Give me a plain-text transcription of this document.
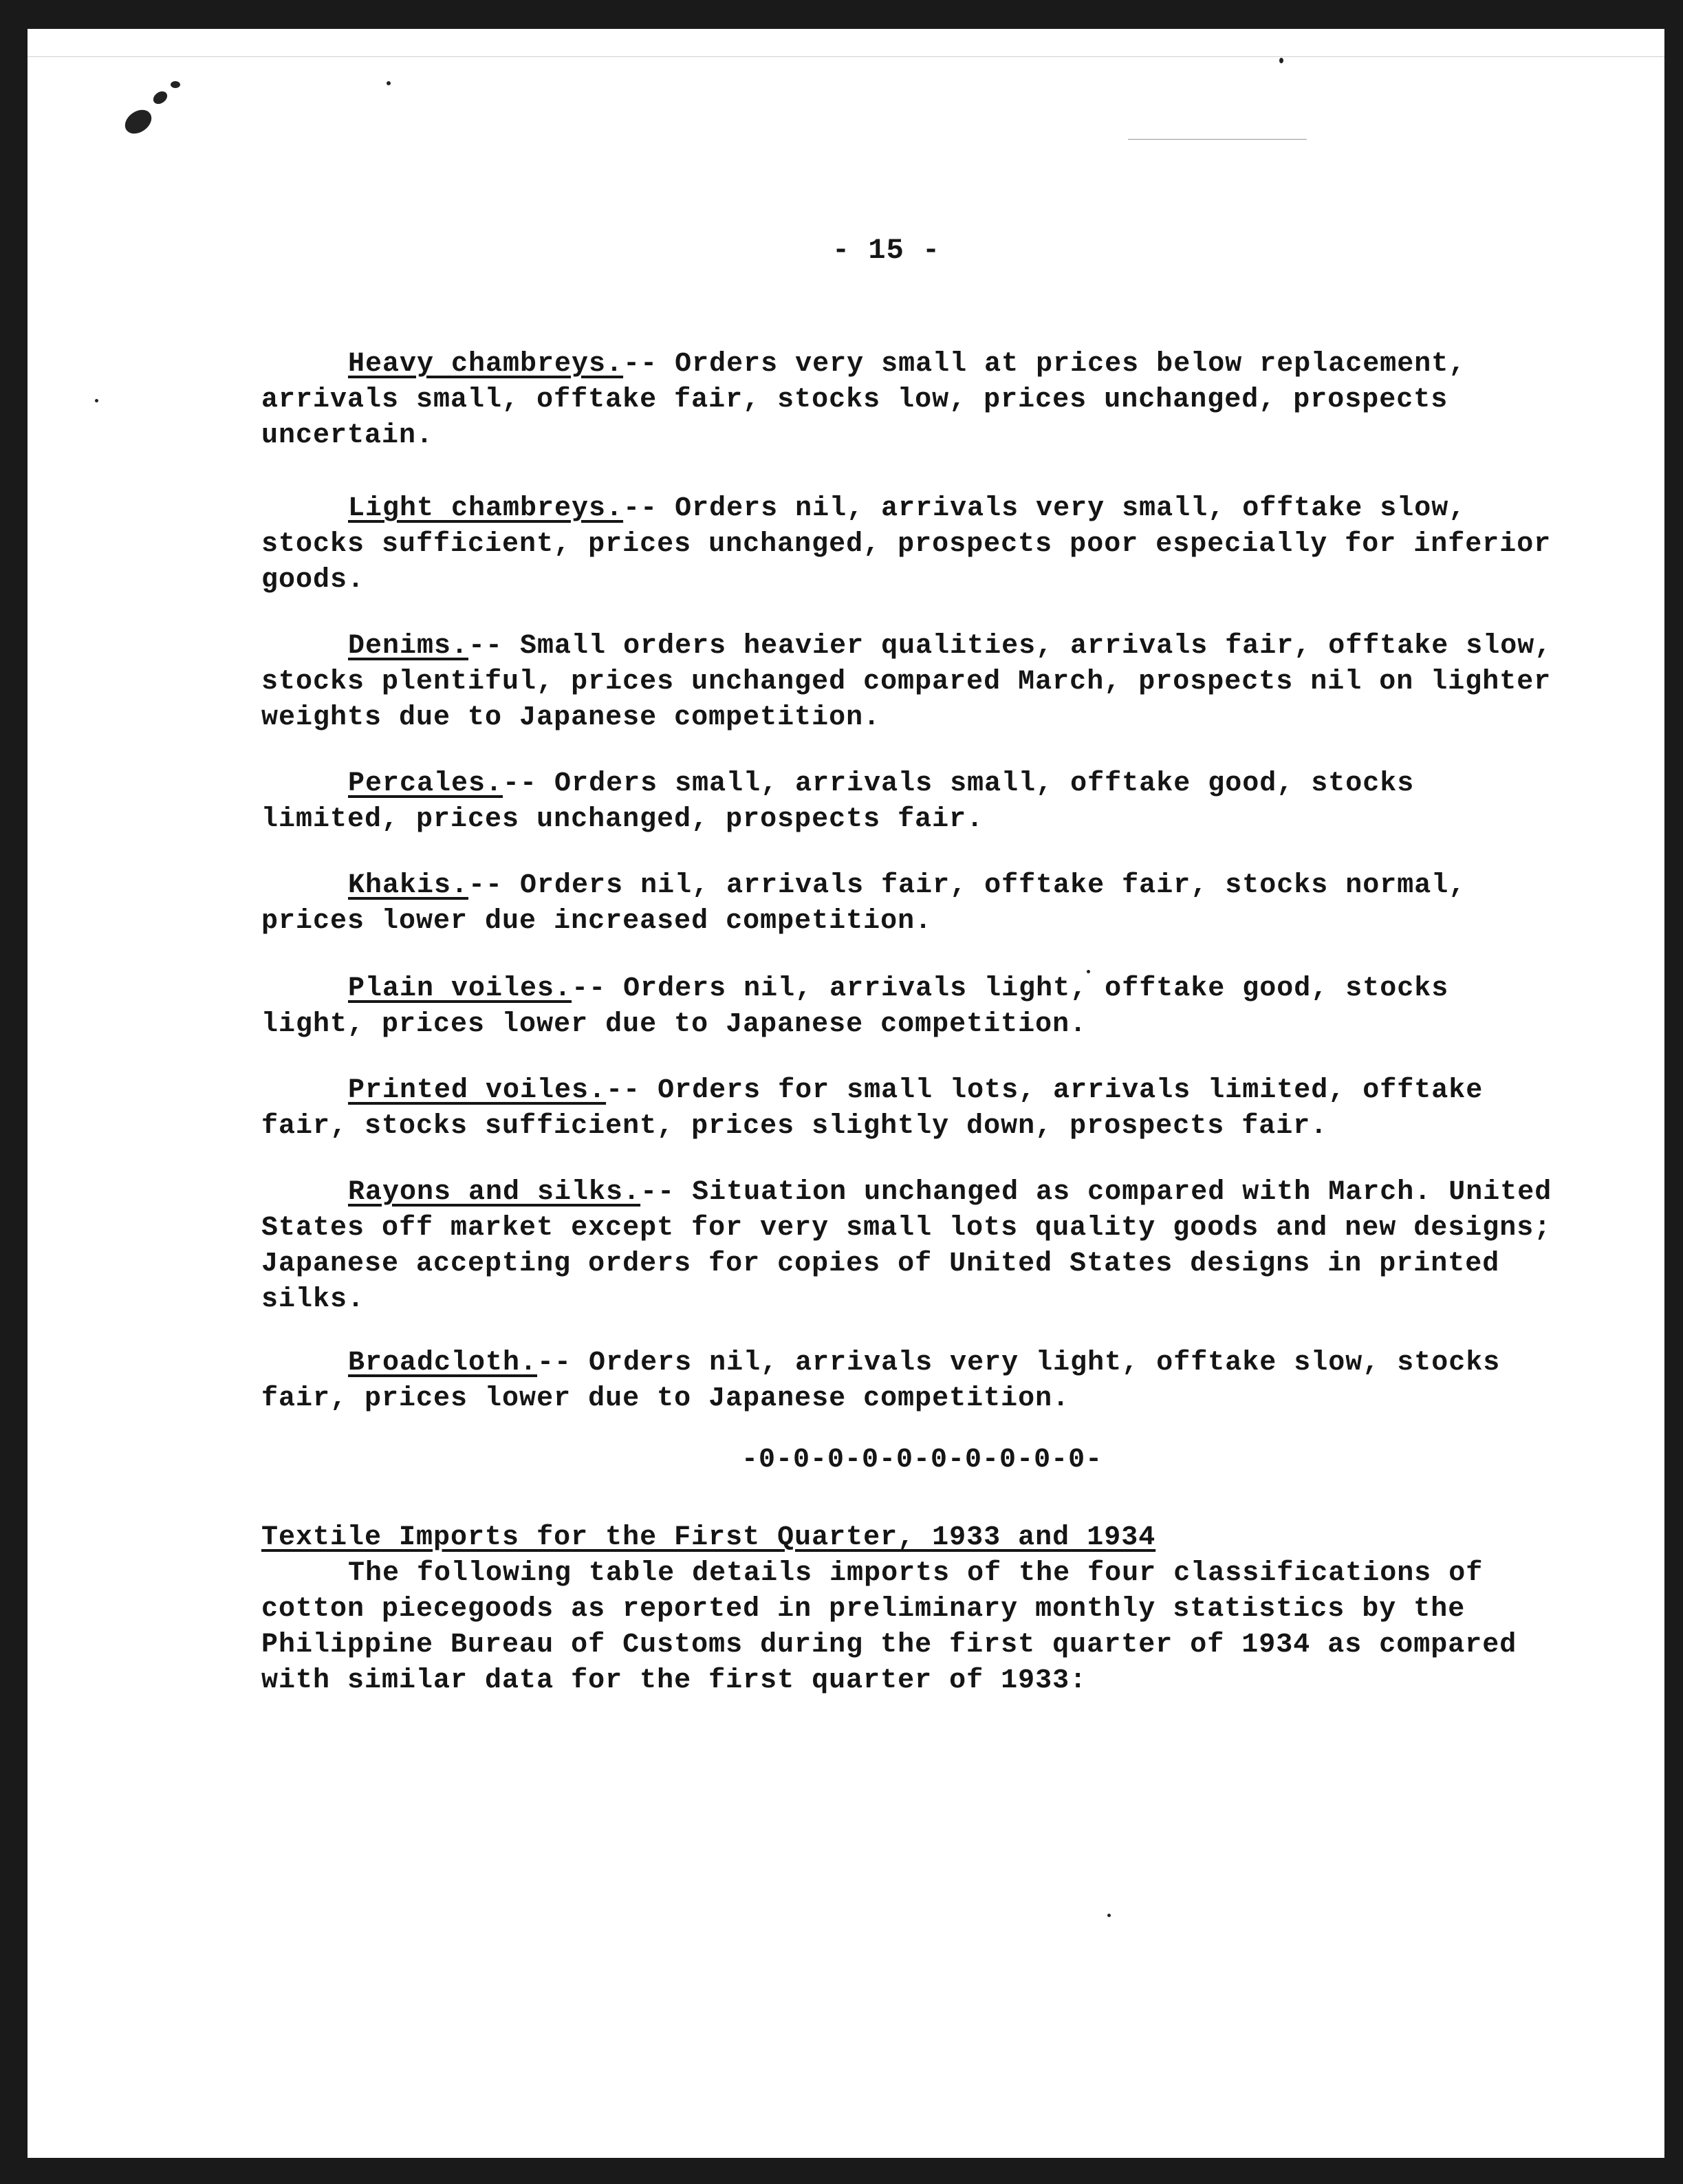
- 15 -
Heavy chambreys.-- Orders very small at prices below replacement, arrivals small, offtake fair, stocks low, prices unchanged, prospects uncertain.
Light chambreys.-- Orders nil, arrivals very small, offtake slow, stocks sufficient, prices unchanged, prospects poor especially for inferior goods.
Denims.-- Small orders heavier qualities, arrivals fair, offtake slow, stocks plentiful, prices unchanged compared March, prospects nil on lighter weights due to Japanese competition.
Percales.-- Orders small, arrivals small, offtake good, stocks limited, prices unchanged, prospects fair.
Khakis.-- Orders nil, arrivals fair, offtake fair, stocks normal, prices lower due increased competition.
Plain voiles.-- Orders nil, arrivals light, offtake good, stocks light, prices lower due to Japanese competition.
Printed voiles.-- Orders for small lots, arrivals limited, offtake fair, stocks sufficient, prices slightly down, prospects fair.
Rayons and silks.-- Situation unchanged as compared with March. United States off market except for very small lots quality goods and new designs; Japanese accepting orders for copies of United States designs in printed silks.
Broadcloth.-- Orders nil, arrivals very light, offtake slow, stocks fair, prices lower due to Japanese competition.
-0-0-0-0-0-0-0-0-0-0-
Textile Imports for the First Quarter, 1933 and 1934
The following table details imports of the four classifications of cotton piecegoods as reported in preliminary monthly statistics by the Philippine Bureau of Customs during the first quarter of 1934 as compared with similar data for the first quarter of 1933:
